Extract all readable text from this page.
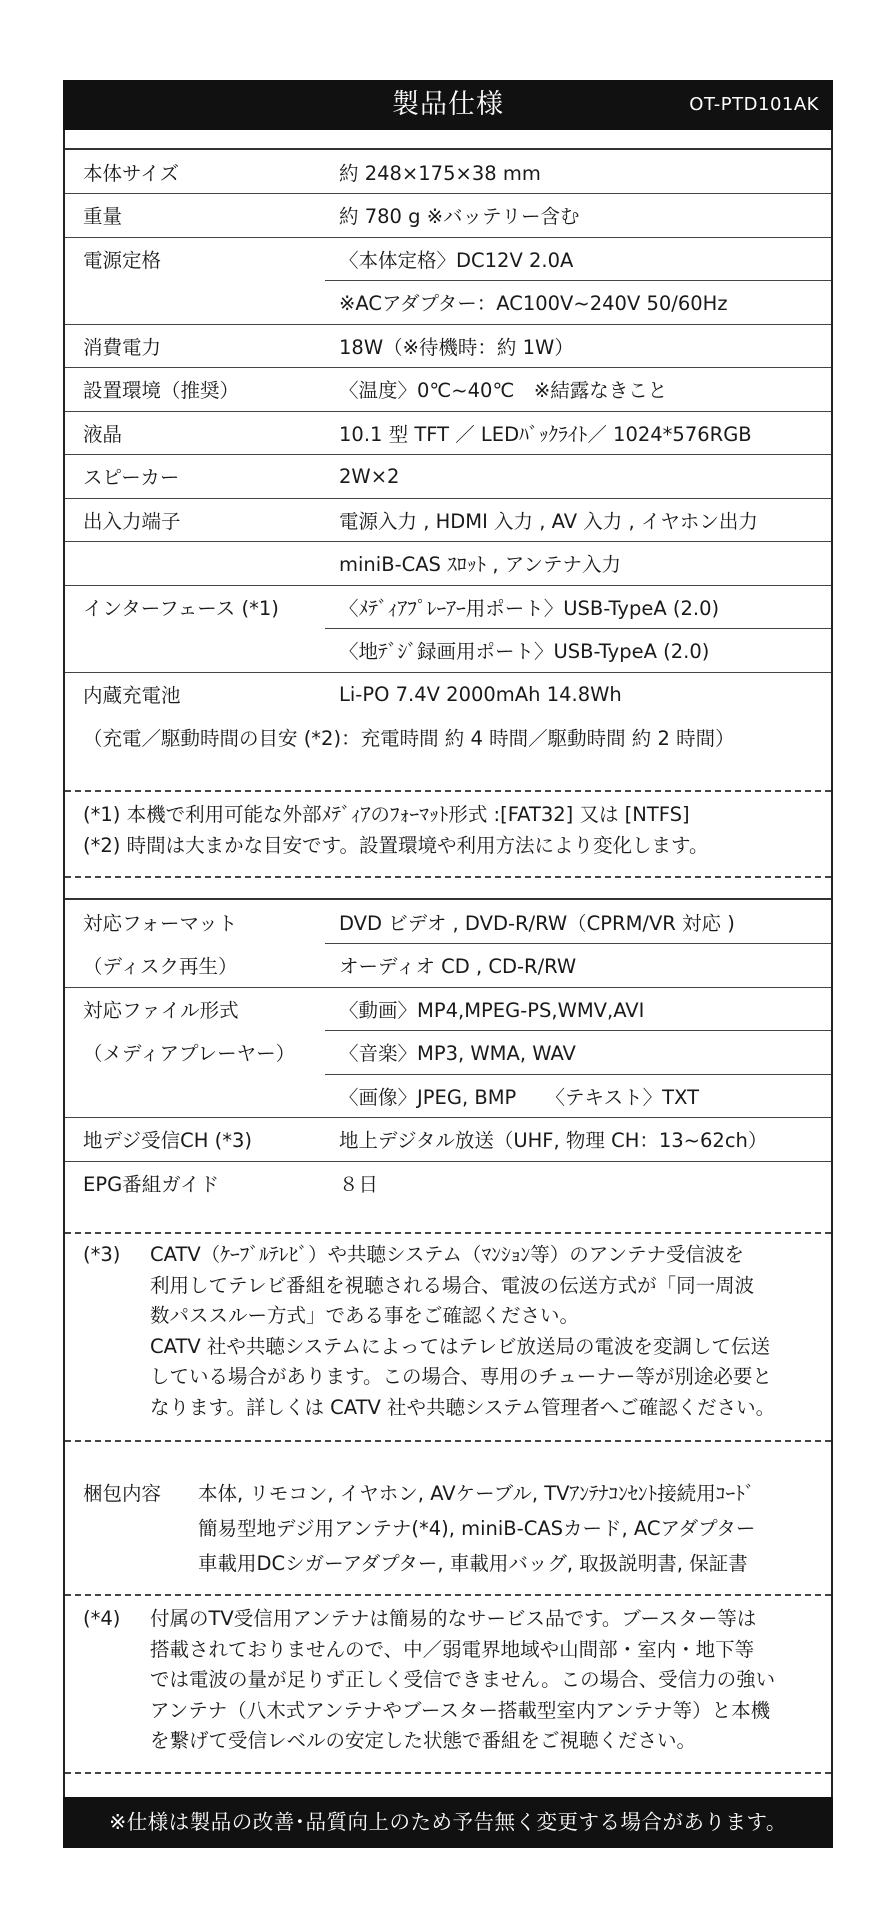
製品仕様	OT-PTD101AK
本体サイズ	約 248×175×38 mm
重量	約 780 g ※バッテリー含む
電源定格	〈本体定格〉DC12V 2.0A
	※ACアダプター：AC100V~240V 50/60Hz
消費電力	18W（※待機時：約 1W）
設置環境（推奨）	〈温度〉0℃~40℃　※結露なきこと
液晶	10.1 型 TFT ／ LEDﾊﾞｯｸﾗｲﾄ／ 1024*576RGB
スピーカー	2W×2
出入力端子	電源入力 , HDMI 入力 , AV 入力 , イヤホン出力
	miniB-CAS ｽﾛｯﾄ , アンテナ入力
インターフェース (*1)	〈ﾒﾃﾞｨｱﾌﾟﾚｰｱｰ用ポート〉USB-TypeA (2.0)
	〈地ﾃﾞｼﾞ録画用ポート〉USB-TypeA (2.0)
内蔵充電池	Li-PO 7.4V 2000mAh 14.8Wh
（充電／駆動時間の目安 (*2)：充電時間 約 4 時間／駆動時間 約 2 時間）	

(*1) 本機で利用可能な外部ﾒﾃﾞｨｱのﾌｫｰﾏｯﾄ形式 :[FAT32] 又は [NTFS]

(*2) 時間は大まかな目安です。設置環境や利用方法により変化します。

対応フォーマット	DVD ビデオ , DVD-R/RW（CPRM/VR 対応 )
（ディスク再生）	オーディオ CD , CD-R/RW
対応ファイル形式	〈動画〉MP4,MPEG-PS,WMV,AVI
（メディアプレーヤー）	〈音楽〉MP3, WMA, WAV
	〈画像〉JPEG, BMP　　〈テキスト〉TXT
地デジ受信CH (*3)	地上デジタル放送（UHF, 物理 CH：13~62ch）
EPG番組ガイド	８日

(*3) CATV（ｹｰﾌﾞﾙﾃﾚﾋﾞ）や共聴システム（ﾏﾝｼｮﾝ等）のアンテナ受信波を

利用してテレビ番組を視聴される場合、電波の伝送方式が「同一周波

数パススルー方式」である事をご確認ください。

CATV 社や共聴システムによってはテレビ放送局の電波を変調して伝送

している場合があります。この場合、専用のチューナー等が別途必要と

なります。詳しくは CATV 社や共聴システム管理者へご確認ください。

梱包内容 本体, リモコン, イヤホン, AVケーブル, TVｱﾝﾃﾅｺﾝｾﾝﾄ接続用ｺｰﾄﾞ
簡易型地デジ用アンテナ(*4), miniB-CASカード, ACアダプター
車載用DCシガーアダプター, 車載用バッグ, 取扱説明書, 保証書

(*4) 付属のTV受信用アンテナは簡易的なサービス品です。ブースター等は

搭載されておりませんので、中／弱電界地域や山間部・室内・地下等

では電波の量が足りず正しく受信できません。この場合、受信力の強い

アンテナ（八木式アンテナやブースター搭載型室内アンテナ等）と本機

を繋げて受信レベルの安定した状態で番組をご視聴ください。

※仕様は製品の改善･品質向上のため予告無く変更する場合があります。
